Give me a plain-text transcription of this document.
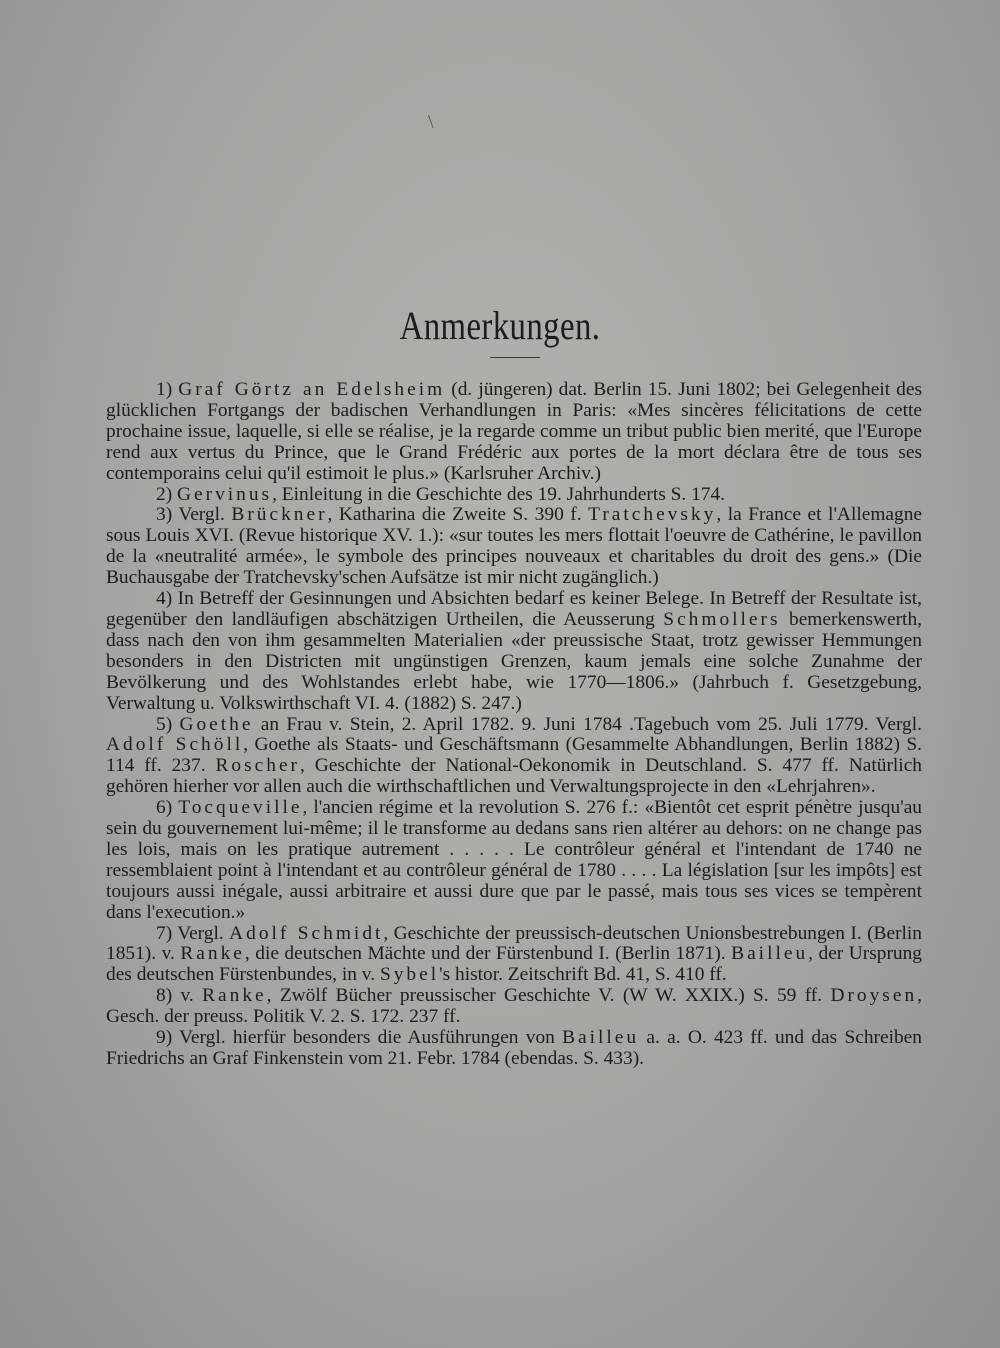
\
Anmerkungen.

1) Graf Görtz an Edelsheim (d. jüngeren) dat. Berlin 15. Juni 1802; bei Gelegenheit des glücklichen Fortgangs der badischen Verhandlungen in Paris: «Mes sincères félicitations de cette prochaine issue, laquelle, si elle se réalise, je la regarde comme un tribut public bien merité, que l'Europe rend aux vertus du Prince, que le Grand Frédéric aux portes de la mort déclara être de tous ses contemporains celui qu'il estimoit le plus.» (Karlsruher Archiv.)

2) Gervinus, Einleitung in die Geschichte des 19. Jahrhunderts S. 174.

3) Vergl. Brückner, Katharina die Zweite S. 390 f. Tratchevsky, la France et l'Allemagne sous Louis XVI. (Revue historique XV. 1.): «sur toutes les mers flottait l'oeuvre de Cathérine, le pavillon de la «neutralité armée», le symbole des principes nouveaux et charitables du droit des gens.» (Die Buchausgabe der Tratchevsky'schen Aufsätze ist mir nicht zugänglich.)

4) In Betreff der Gesinnungen und Absichten bedarf es keiner Belege. In Betreff der Resultate ist, gegenüber den landläufigen abschätzigen Urtheilen, die Aeusserung Schmollers bemerkenswerth, dass nach den von ihm gesammelten Materialien «der preussische Staat, trotz gewisser Hemmungen besonders in den Districten mit ungünstigen Grenzen, kaum jemals eine solche Zunahme der Bevölkerung und des Wohlstandes erlebt habe, wie 1770—1806.» (Jahrbuch f. Gesetzgebung, Verwaltung u. Volkswirthschaft VI. 4. (1882) S. 247.)

5) Goethe an Frau v. Stein, 2. April 1782. 9. Juni 1784 .Tagebuch vom 25. Juli 1779. Vergl. Adolf Schöll, Goethe als Staats- und Geschäftsmann (Gesammelte Abhandlungen, Berlin 1882) S. 114 ff. 237. Roscher, Geschichte der National-Oekonomik in Deutschland. S. 477 ff. Natürlich gehören hierher vor allen auch die wirthschaftlichen und Verwaltungsprojecte in den «Lehrjahren».

6) Tocqueville, l'ancien régime et la revolution S. 276 f.: «Bientôt cet esprit pénètre jusqu'au sein du gouvernement lui-même; il le transforme au dedans sans rien altérer au dehors: on ne change pas les lois, mais on les pratique autrement . . . . . Le contrôleur général et l'intendant de 1740 ne ressemblaient point à l'intendant et au contrôleur général de 1780 . . . . La législation [sur les impôts] est toujours aussi inégale, aussi arbitraire et aussi dure que par le passé, mais tous ses vices se tempèrent dans l'execution.»

7) Vergl. Adolf Schmidt, Geschichte der preussisch-deutschen Unionsbestrebungen I. (Berlin 1851). v. Ranke, die deutschen Mächte und der Fürstenbund I. (Berlin 1871). Bailleu, der Ursprung des deutschen Fürstenbundes, in v. Sybel's histor. Zeitschrift Bd. 41, S. 410 ff.

8) v. Ranke, Zwölf Bücher preussischer Geschichte V. (W W. XXIX.) S. 59 ff. Droysen, Gesch. der preuss. Politik V. 2. S. 172. 237 ff.

9) Vergl. hierfür besonders die Ausführungen von Bailleu a. a. O. 423 ff. und das Schreiben Friedrichs an Graf Finkenstein vom 21. Febr. 1784 (ebendas. S. 433).
